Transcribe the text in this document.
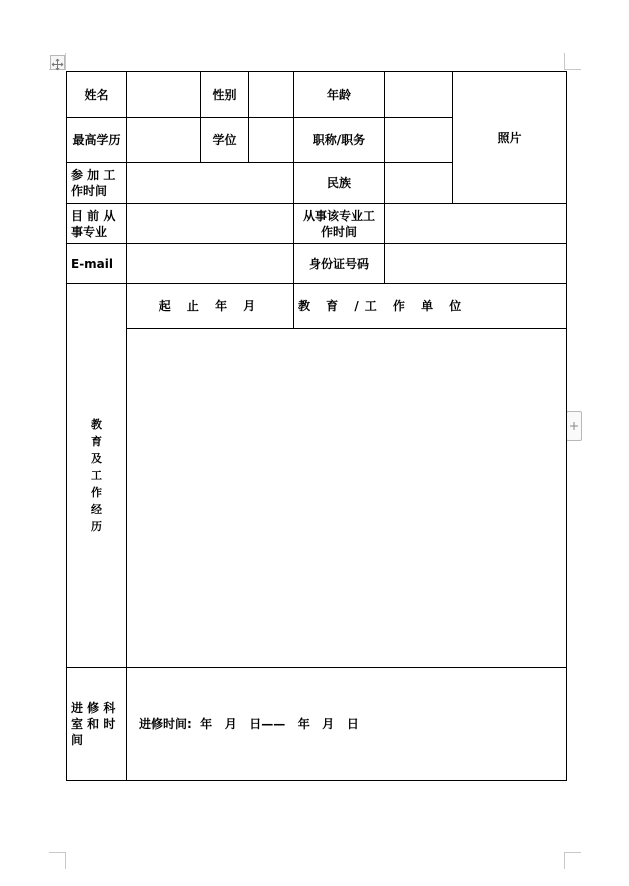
姓名		性别		年龄		照片
最高学历		学位		职称/职务		
参 加 工 作时间				民族		
目 前 从 事专业				从事该专业工作时间		
E-mail				身份证号码		

教育及工作经历	起 止 年 月			教 育 /工 作 单 位		

进 修 科 室 和 时 间	进修时间:  年   月   日——   年   月   日					
